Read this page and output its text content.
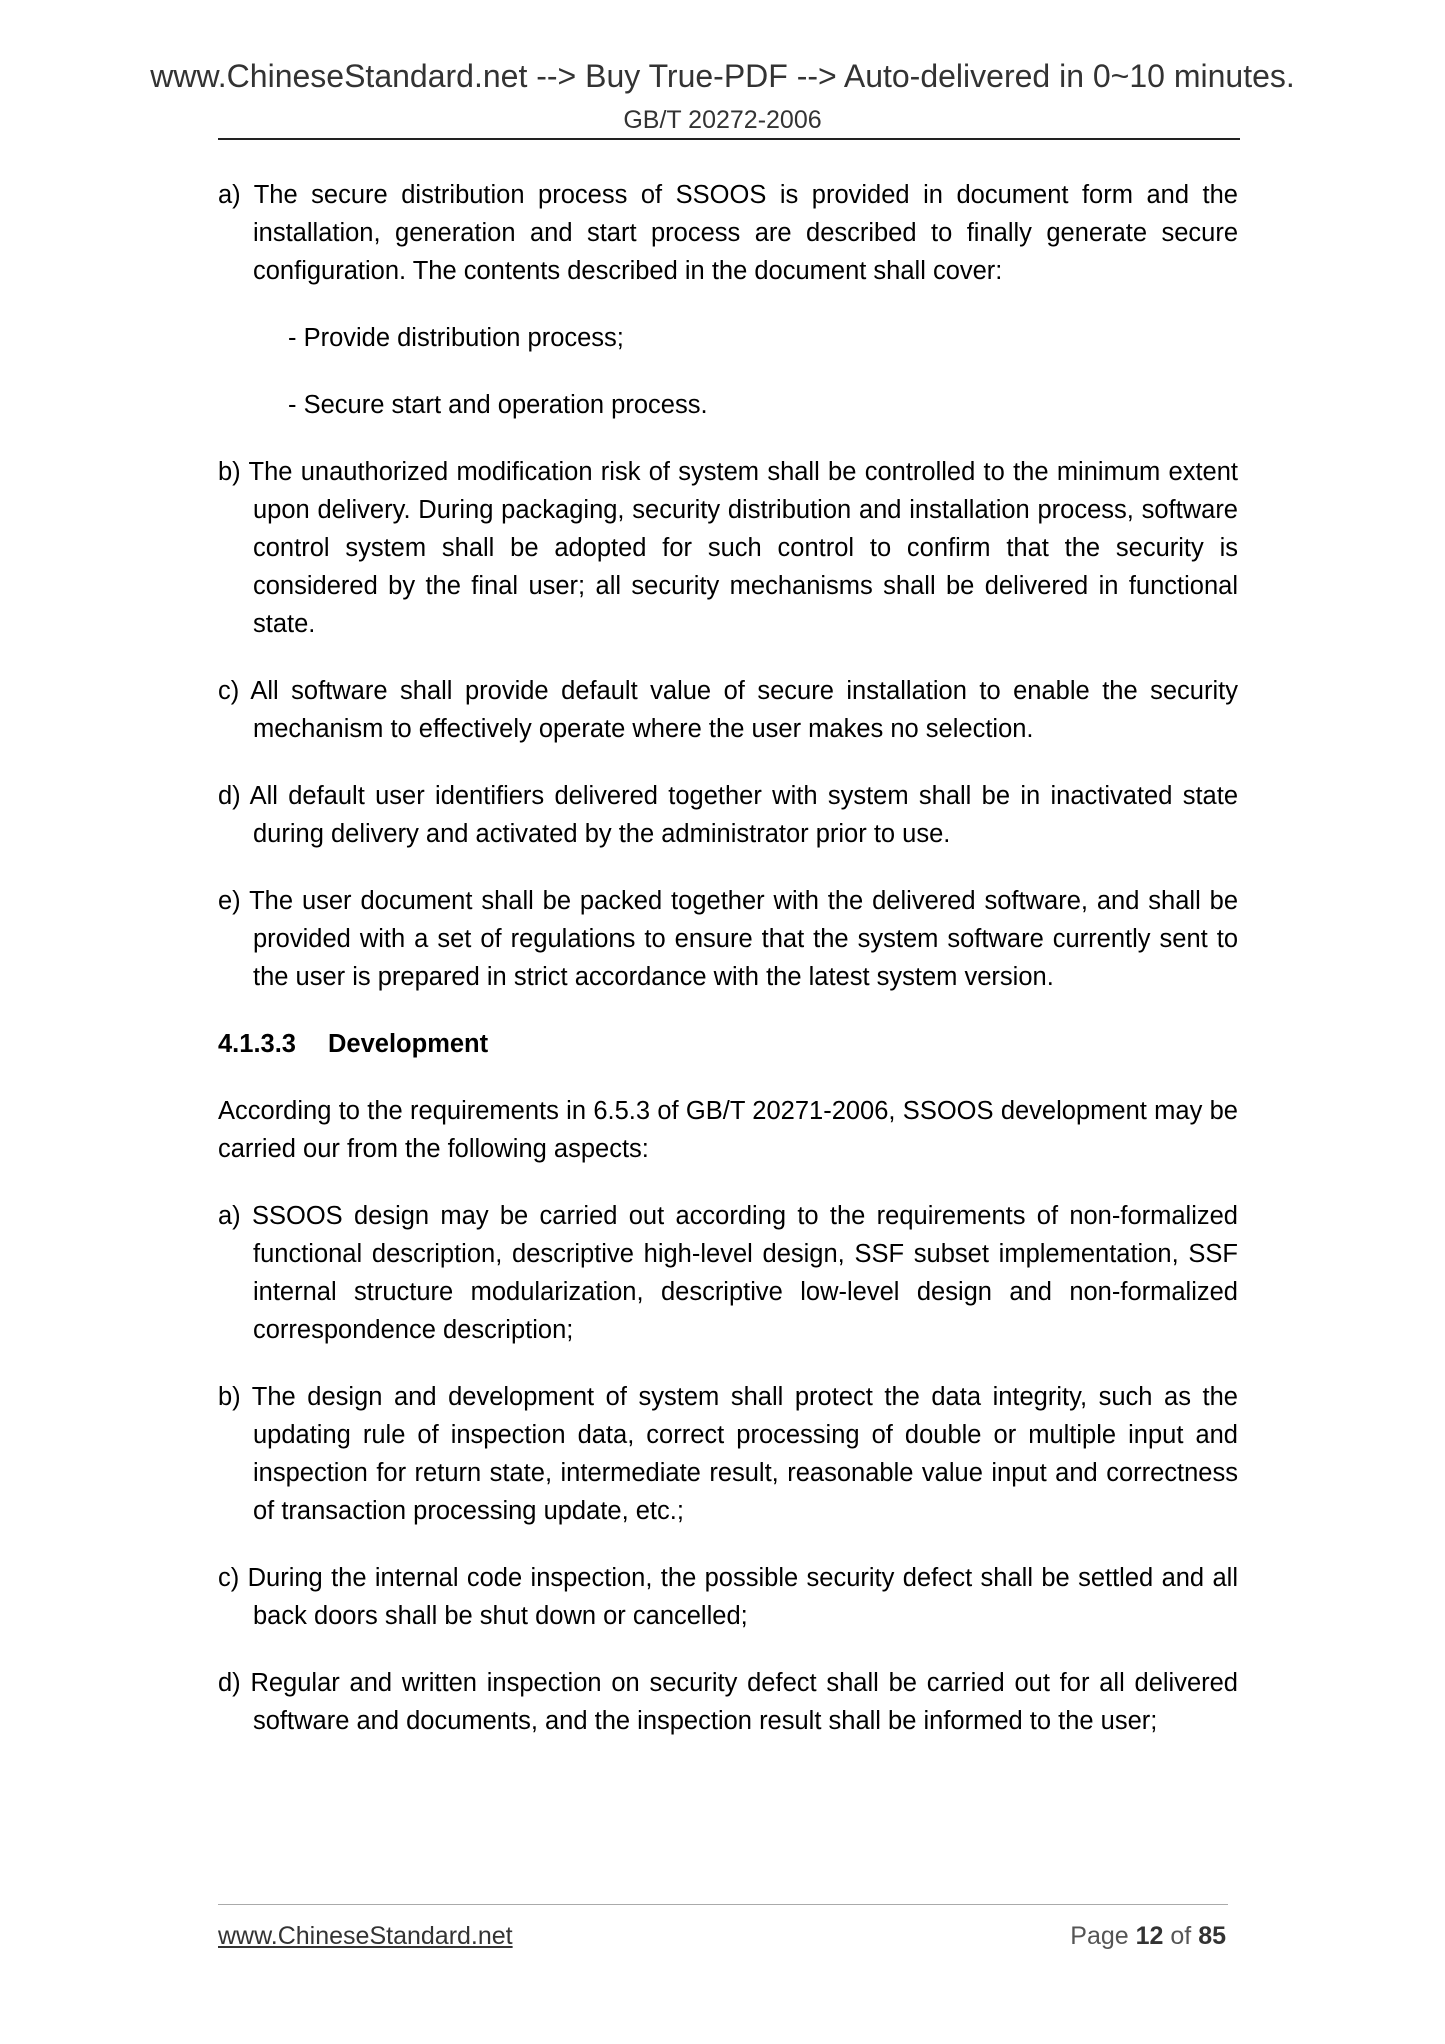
www.ChineseStandard.net --> Buy True-PDF --> Auto-delivered in 0~10 minutes.
GB/T 20272-2006

a) The secure distribution process of SSOOS is provided in document form and the installation, generation and start process are described to finally generate secure configuration. The contents described in the document shall cover:

- Provide distribution process;

- Secure start and operation process.

b) The unauthorized modification risk of system shall be controlled to the minimum extent upon delivery. During packaging, security distribution and installation process, software control system shall be adopted for such control to confirm that the security is considered by the final user; all security mechanisms shall be delivered in functional state.

c) All software shall provide default value of secure installation to enable the security mechanism to effectively operate where the user makes no selection.

d) All default user identifiers delivered together with system shall be in inactivated state during delivery and activated by the administrator prior to use.

e) The user document shall be packed together with the delivered software, and shall be provided with a set of regulations to ensure that the system software currently sent to the user is prepared in strict accordance with the latest system version.

4.1.3.3 Development

According to the requirements in 6.5.3 of GB/T 20271-2006, SSOOS development may be carried our from the following aspects:

a) SSOOS design may be carried out according to the requirements of non-formalized functional description, descriptive high-level design, SSF subset implementation, SSF internal structure modularization, descriptive low-level design and non-formalized correspondence description;

b) The design and development of system shall protect the data integrity, such as the updating rule of inspection data, correct processing of double or multiple input and inspection for return state, intermediate result, reasonable value input and correctness of transaction processing update, etc.;

c) During the internal code inspection, the possible security defect shall be settled and all back doors shall be shut down or cancelled;

d) Regular and written inspection on security defect shall be carried out for all delivered software and documents, and the inspection result shall be informed to the user;

www.ChineseStandard.net	Page 12 of 85
